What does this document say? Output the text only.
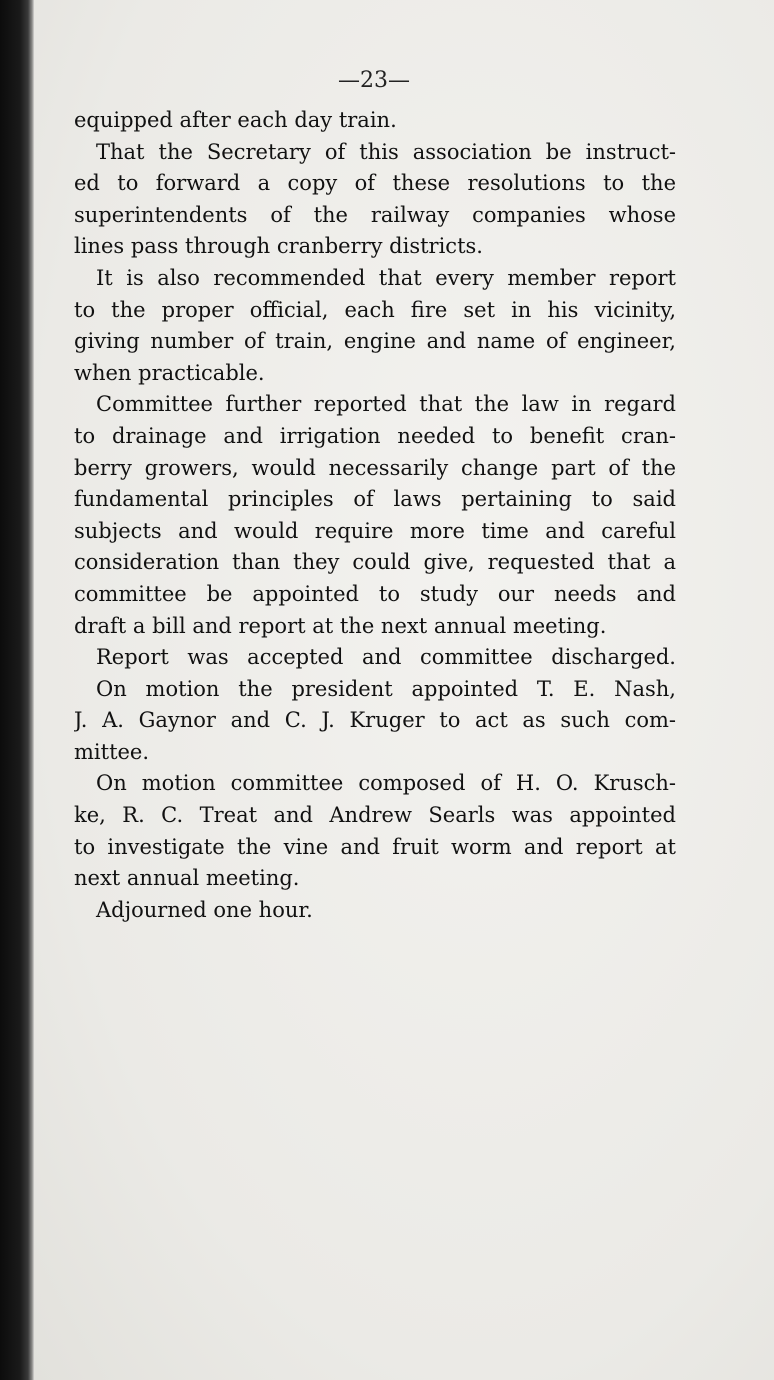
—23—
equipped after each day train.
That the Secretary of this association be instruct-
ed to forward a copy of these resolutions to the
superintendents of the railway companies whose
lines pass through cranberry districts.
It is also recommended that every member report
to the proper official, each fire set in his vicinity,
giving number of train, engine and name of engineer,
when practicable.
Committee further reported that the law in regard
to drainage and irrigation needed to benefit cran-
berry growers, would necessarily change part of the
fundamental principles of laws pertaining to said
subjects and would require more time and careful
consideration than they could give, requested that a
committee be appointed to study our needs and
draft a bill and report at the next annual meeting.
Report was accepted and committee discharged.
On motion the president appointed T. E. Nash,
J. A. Gaynor and C. J. Kruger to act as such com-
mittee.
On motion committee composed of H. O. Krusch-
ke, R. C. Treat and Andrew Searls was appointed
to investigate the vine and fruit worm and report at
next annual meeting.
Adjourned one hour.
